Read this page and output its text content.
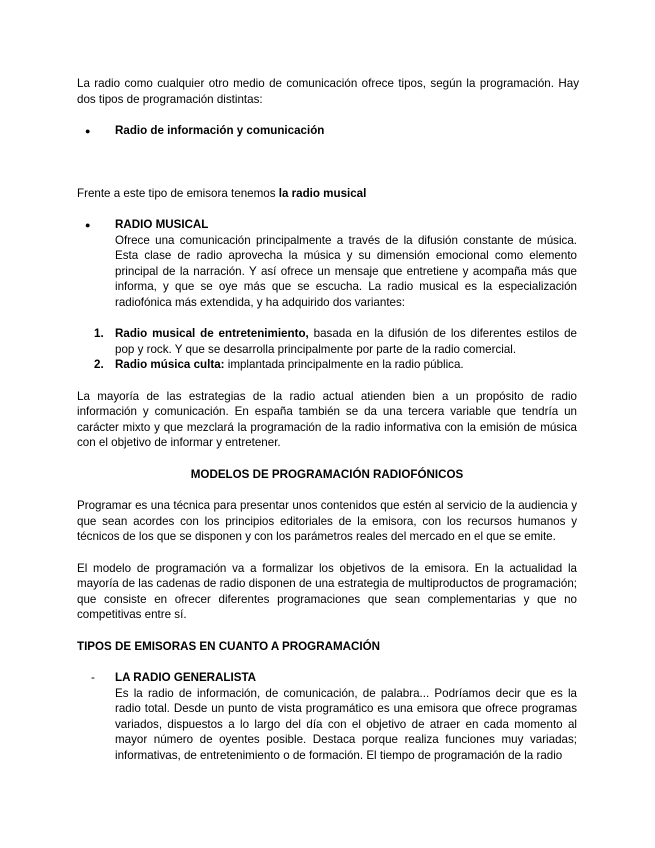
La radio como cualquier otro medio de comunicación ofrece tipos, según la programación. Hay dos tipos de programación distintas:

● Radio de información y comunicación

Frente a este tipo de emisora tenemos la radio musical

● RADIO MUSICAL
Ofrece una comunicación principalmente a través de la difusión constante de música. Esta clase de radio aprovecha la música y su dimensión emocional como elemento principal de la narración. Y así ofrece un mensaje que entretiene y acompaña más que informa, y que se oye más que se escucha. La radio musical es la especialización radiofónica más extendida, y ha adquirido dos variantes:
1. Radio musical de entretenimiento, basada en la difusión de los diferentes estilos de pop y rock. Y que se desarrolla principalmente por parte de la radio comercial.
2. Radio música culta: implantada principalmente en la radio pública.

La mayoría de las estrategias de la radio actual atienden bien a un propósito de radio información y comunicación. En españa también se da una tercera variable que tendría un carácter mixto y que mezclará la programación de la radio informativa con la emisión de música con el objetivo de informar y entretener.

MODELOS DE PROGRAMACIÓN RADIOFÓNICOS

Programar es una técnica para presentar unos contenidos que estén al servicio de la audiencia y que sean acordes con los principios editoriales de la emisora, con los recursos humanos y técnicos de los que se disponen y con los parámetros reales del mercado en el que se emite.

El modelo de programación va a formalizar los objetivos de la emisora. En la actualidad la mayoría de las cadenas de radio disponen de una estrategia de multiproductos de programación; que consiste en ofrecer diferentes programaciones que sean complementarias y que no competitivas entre sí.

TIPOS DE EMISORAS EN CUANTO A PROGRAMACIÓN

- LA RADIO GENERALISTA
Es la radio de información, de comunicación, de palabra... Podríamos decir que es la radio total. Desde un punto de vista programático es una emisora que ofrece programas variados, dispuestos a lo largo del día con el objetivo de atraer en cada momento al mayor número de oyentes posible. Destaca porque realiza funciones muy variadas; informativas, de entretenimiento o de formación. El tiempo de programación de la radio
